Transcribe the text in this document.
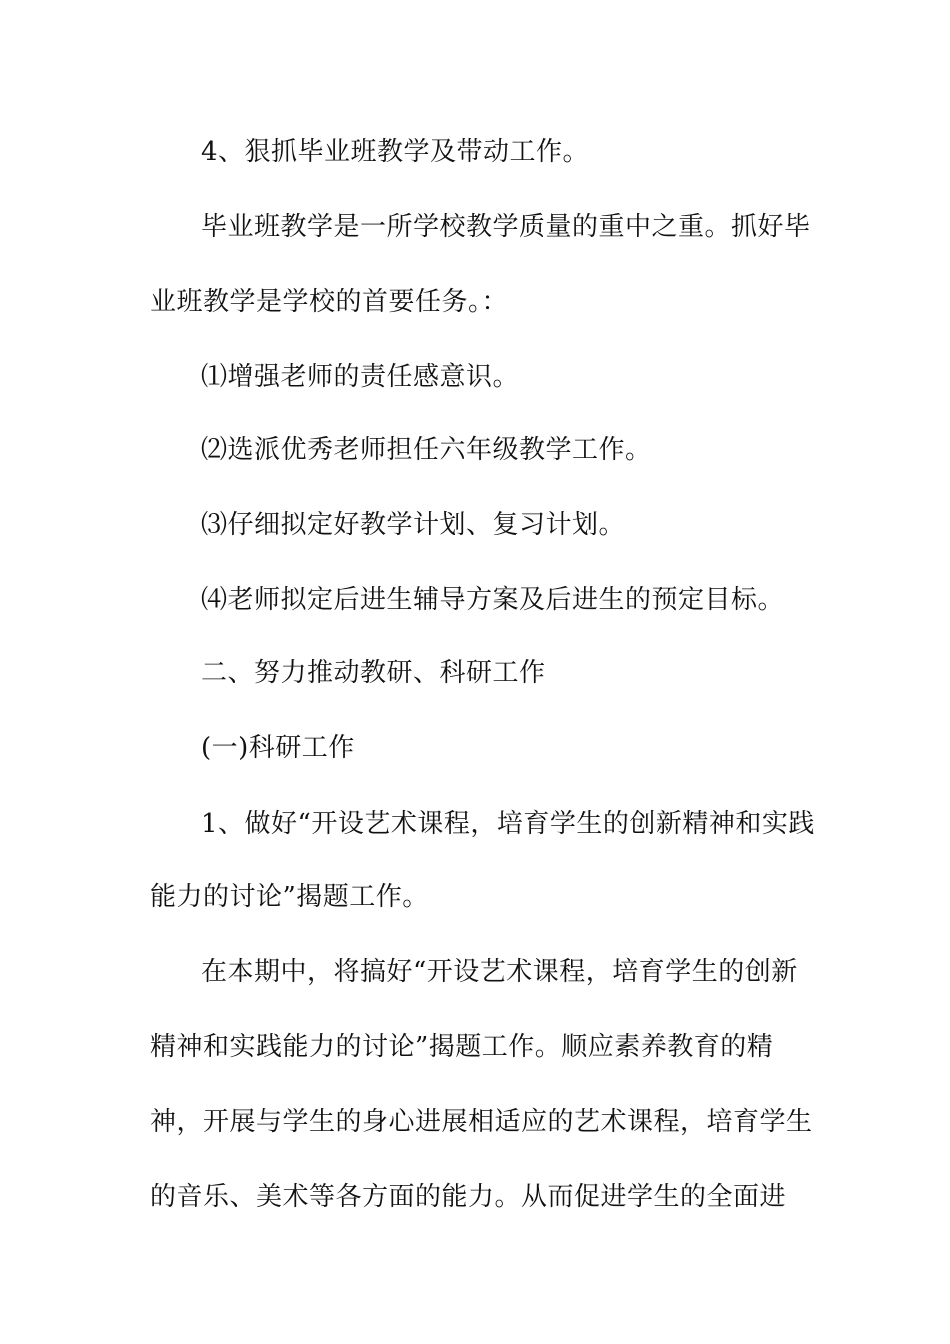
4、狠抓毕业班教学及带动工作。
毕业班教学是一所学校教学质量的重中之重。抓好毕
业班教学是学校的首要任务。：
⑴增强老师的责任感意识。
⑵选派优秀老师担任六年级教学工作。
⑶仔细拟定好教学计划、复习计划。
⑷老师拟定后进生辅导方案及后进生的预定目标。
二、努力推动教研、科研工作
(一)科研工作
1、做好“开设艺术课程，培育学生的创新精神和实践
能力的讨论”揭题工作。
在本期中，将搞好“开设艺术课程，培育学生的创新
精神和实践能力的讨论”揭题工作。顺应素养教育的精
神，开展与学生的身心进展相适应的艺术课程，培育学生
的音乐、美术等各方面的能力。从而促进学生的全面进
